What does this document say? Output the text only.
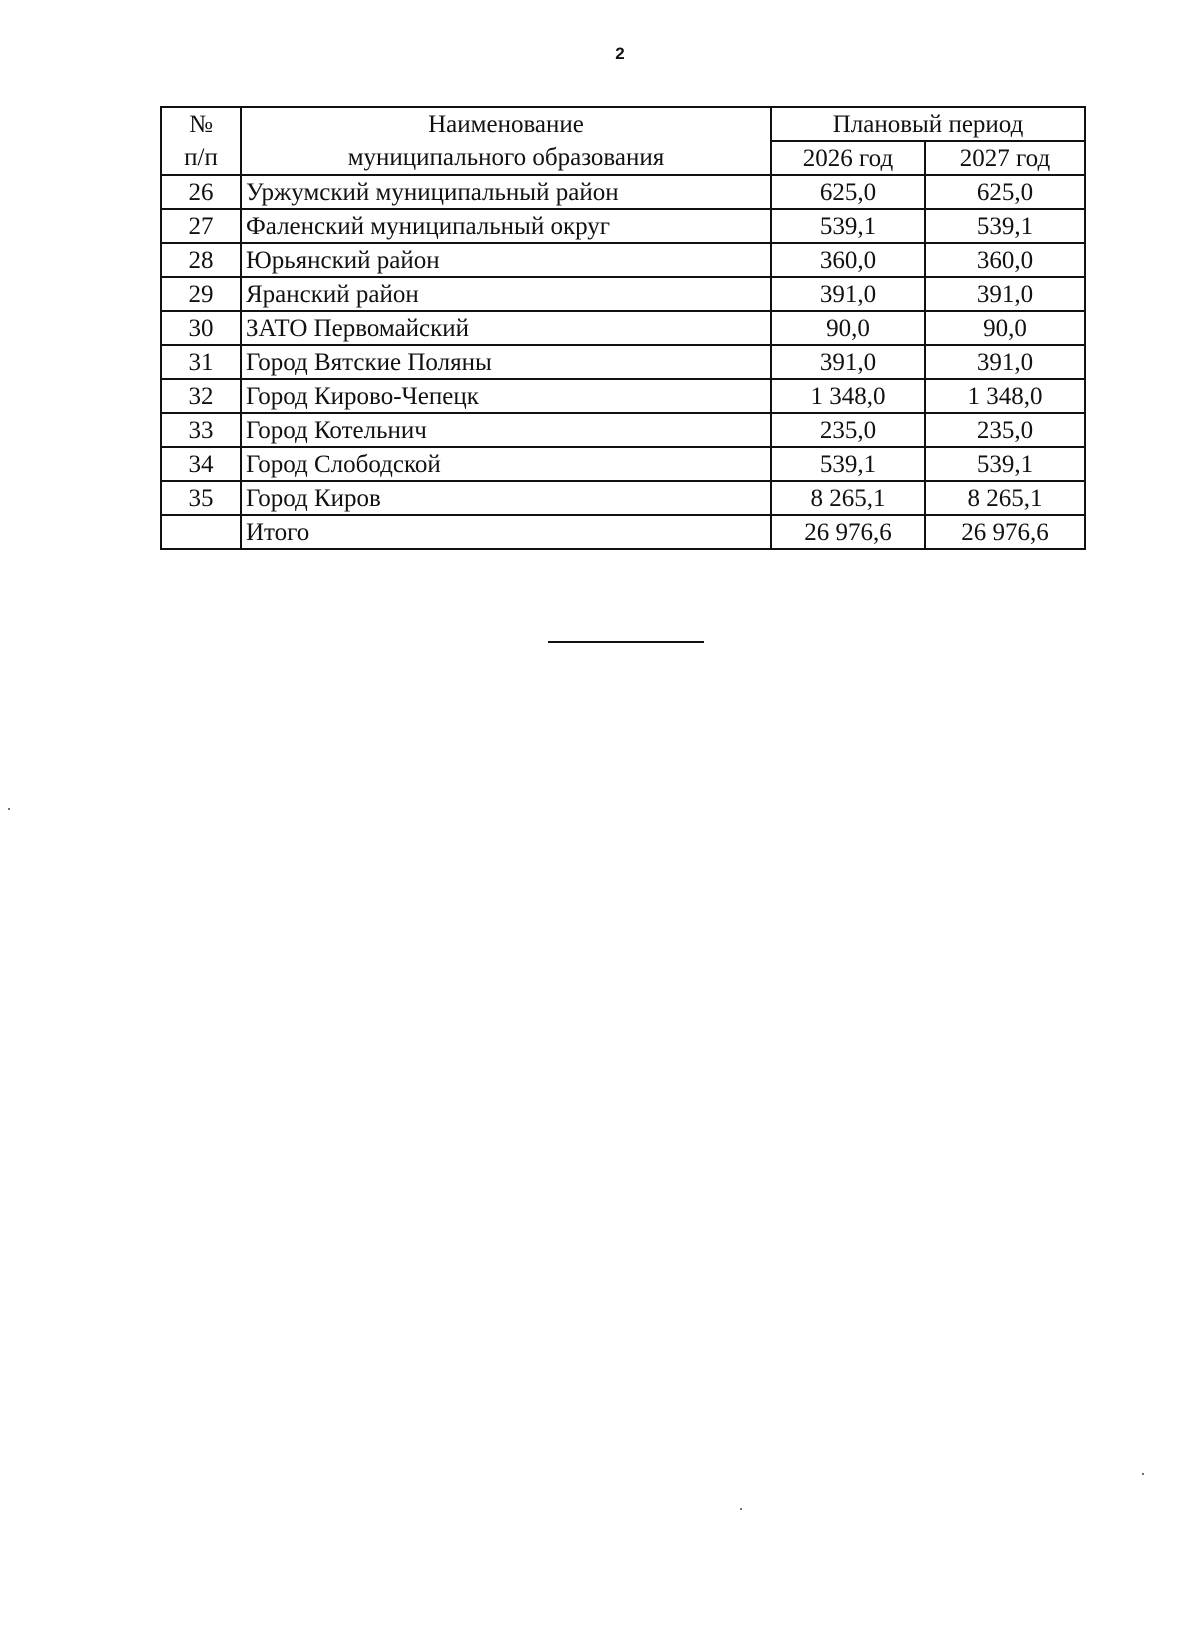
2
№	Наименование	Плановый период	
п/п	муниципального образования	2026 год	2027 год
26	Уржумский муниципальный район	625,0	625,0
27	Фаленский муниципальный округ	539,1	539,1
28	Юрьянский район	360,0	360,0
29	Яранский район	391,0	391,0
30	ЗАТО Первомайский	90,0	90,0
31	Город Вятские Поляны	391,0	391,0
32	Город Кирово-Чепецк	1 348,0	1 348,0
33	Город Котельнич	235,0	235,0
34	Город Слободской	539,1	539,1
35	Город Киров	8 265,1	8 265,1
	Итого	26 976,6	26 976,6
